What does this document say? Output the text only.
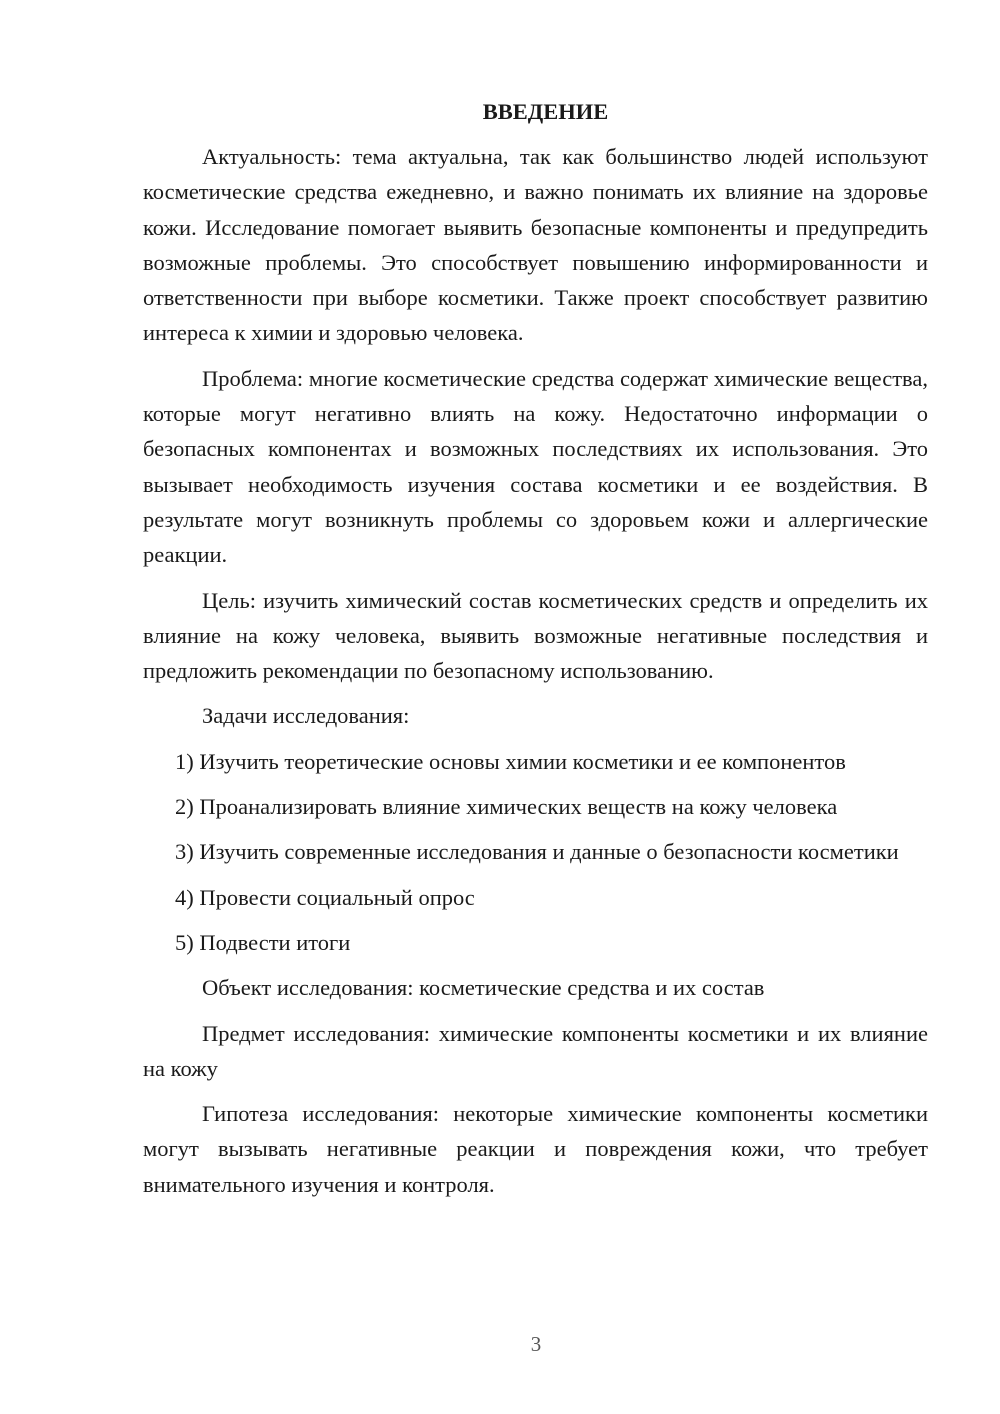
ВВЕДЕНИЕ

Актуальность: тема актуальна, так как большинство людей используют косметические средства ежедневно, и важно понимать их влияние на здоровье кожи. Исследование помогает выявить безопасные компоненты и предупредить возможные проблемы. Это способствует повышению информированности и ответственности при выборе косметики. Также проект способствует развитию интереса к химии и здоровью человека.

Проблема: многие косметические средства содержат химические вещества, которые могут негативно влиять на кожу. Недостаточно информации о безопасных компонентах и возможных последствиях их использования. Это вызывает необходимость изучения состава косметики и ее воздействия. В результате могут возникнуть проблемы со здоровьем кожи и аллергические реакции.

Цель: изучить химический состав косметических средств и определить их влияние на кожу человека, выявить возможные негативные последствия и предложить рекомендации по безопасному использованию.

Задачи исследования:

1) Изучить теоретические основы химии косметики и ее компонентов

2) Проанализировать влияние химических веществ на кожу человека

3) Изучить современные исследования и данные о безопасности косметики

4) Провести социальный опрос

5) Подвести итоги

Объект исследования: косметические средства и их состав

Предмет исследования: химические компоненты косметики и их влияние на кожу

Гипотеза исследования: некоторые химические компоненты косметики могут вызывать негативные реакции и повреждения кожи, что требует внимательного изучения и контроля.

3
